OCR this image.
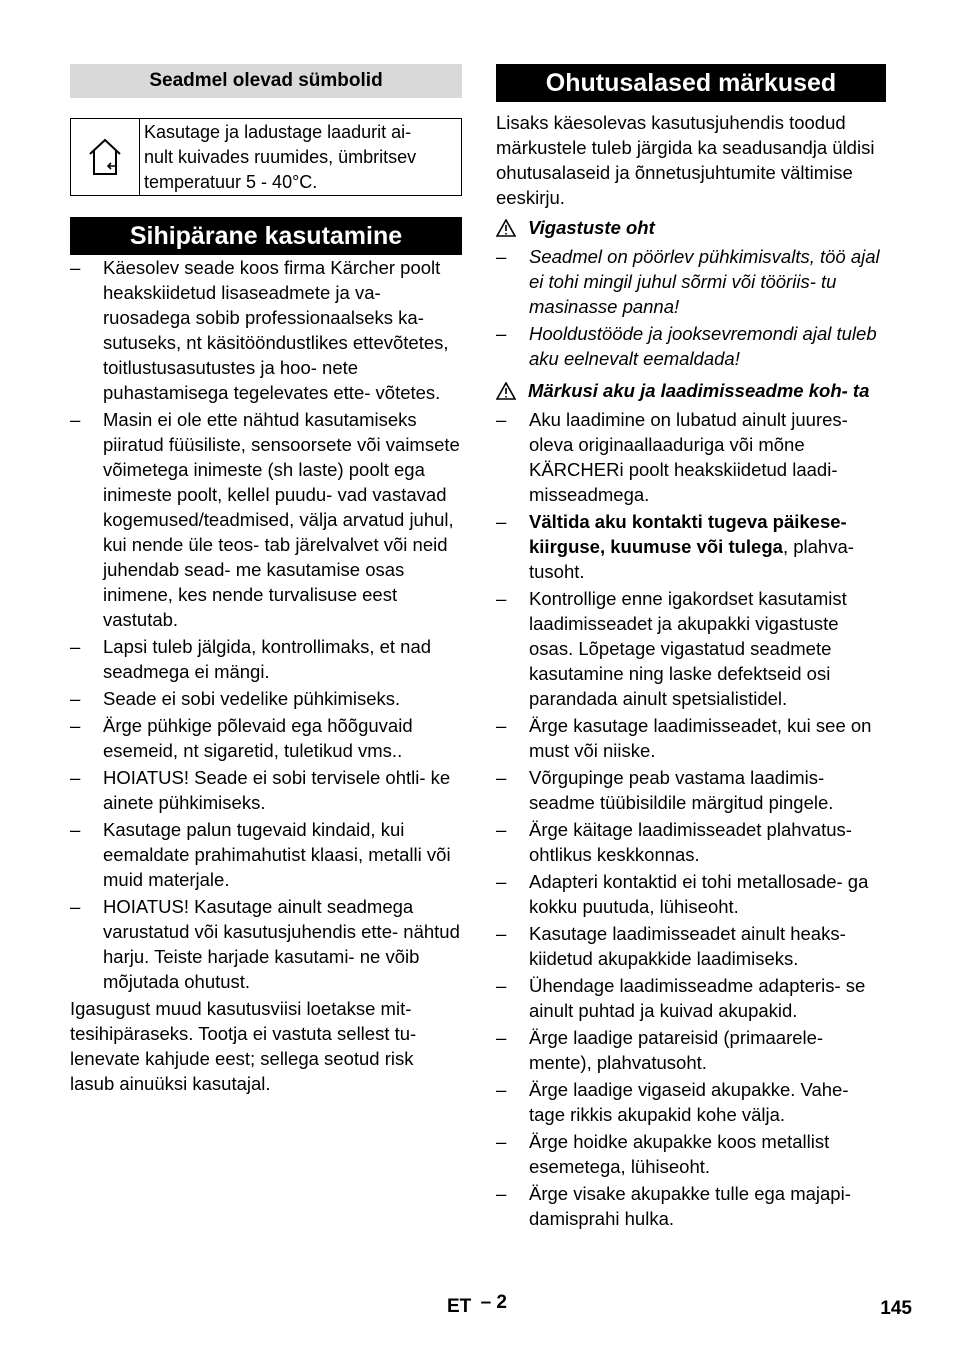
Seadmel olevad sümbolid
Kasutage ja ladustage laadurit ai-
nult kuivades ruumides, ümbritsev
temperatuur 5 - 40°C.
Sihipärane kasutamine
– Käesolev seade koos firma Kärcher poolt heakskiidetud lisaseadmete ja va- ruosadega sobib professionaalseks ka- sutuseks, nt käsitööndustlikes ettevõtetes, toitlustusasutustes ja hoo- nete puhastamisega tegelevates ette- võtetes.
– Masin ei ole ette nähtud kasutamiseks piiratud füüsiliste, sensoorsete või vaimsete võimetega inimeste (sh laste) poolt ega inimeste poolt, kellel puudu- vad vastavad kogemused/teadmised, välja arvatud juhul, kui nende üle teos- tab järelvalvet või neid juhendab sead- me kasutamise osas inimene, kes nende turvalisuse eest vastutab.
– Lapsi tuleb jälgida, kontrollimaks, et nad seadmega ei mängi.
– Seade ei sobi vedelike pühkimiseks.
– Ärge pühkige põlevaid ega hõõguvaid esemeid, nt sigaretid, tuletikud vms..
– HOIATUS! Seade ei sobi tervisele ohtli- ke ainete pühkimiseks.
– Kasutage palun tugevaid kindaid, kui eemaldate prahimahutist klaasi, metalli või muid materjale.
– HOIATUS! Kasutage ainult seadmega varustatud või kasutusjuhendis ette- nähtud harju. Teiste harjade kasutami- ne võib mõjutada ohutust.

Igasugust muud kasutusviisi loetakse mit- tesihipäraseks. Tootja ei vastuta sellest tu- lenevate kahjude eest; sellega seotud risk lasub ainuüksi kasutajal.

Ohutusalased märkused

Lisaks käesolevas kasutusjuhendis toodud märkustele tuleb järgida ka seadusandja üldisi ohutusalaseid ja õnnetusjuhtumite vältimise eeskirju.

Vigastuste oht
– Seadmel on pöörlev pühkimisvalts, töö ajal ei tohi mingil juhul sõrmi või tööriis- tu masinasse panna!
– Hooldustööde ja jooksevremondi ajal tuleb aku eelnevalt eemaldada!
Märkusi aku ja laadimisseadme koh- ta
– Aku laadimine on lubatud ainult juures- oleva originaallaaduriga või mõne KÄRCHERi poolt heakskiidetud laadi- misseadmega.
– Vältida aku kontakti tugeva päikese- kiirguse, kuumuse või tulega, plahva- tusoht.
– Kontrollige enne igakordset kasutamist laadimisseadet ja akupakki vigastuste osas. Lõpetage vigastatud seadmete kasutamine ning laske defektseid osi parandada ainult spetsialistidel.
– Ärge kasutage laadimisseadet, kui see on must või niiske.
– Võrgupinge peab vastama laadimis- seadme tüübisildile märgitud pingele.
– Ärge käitage laadimisseadet plahvatus- ohtlikus keskkonnas.
– Adapteri kontaktid ei tohi metallosade- ga kokku puutuda, lühiseoht.
– Kasutage laadimisseadet ainult heaks- kiidetud akupakkide laadimiseks.
– Ühendage laadimisseadme adapteris- se ainult puhtad ja kuivad akupakid.
– Ärge laadige patareisid (primaarele- mente), plahvatusoht.
– Ärge laadige vigaseid akupakke. Vahe- tage rikkis akupakid kohe välja.
– Ärge hoidke akupakke koos metallist esemetega, lühiseoht.
– Ärge visake akupakke tulle ega majapi- damisprahi hulka.
ET – 2	145
